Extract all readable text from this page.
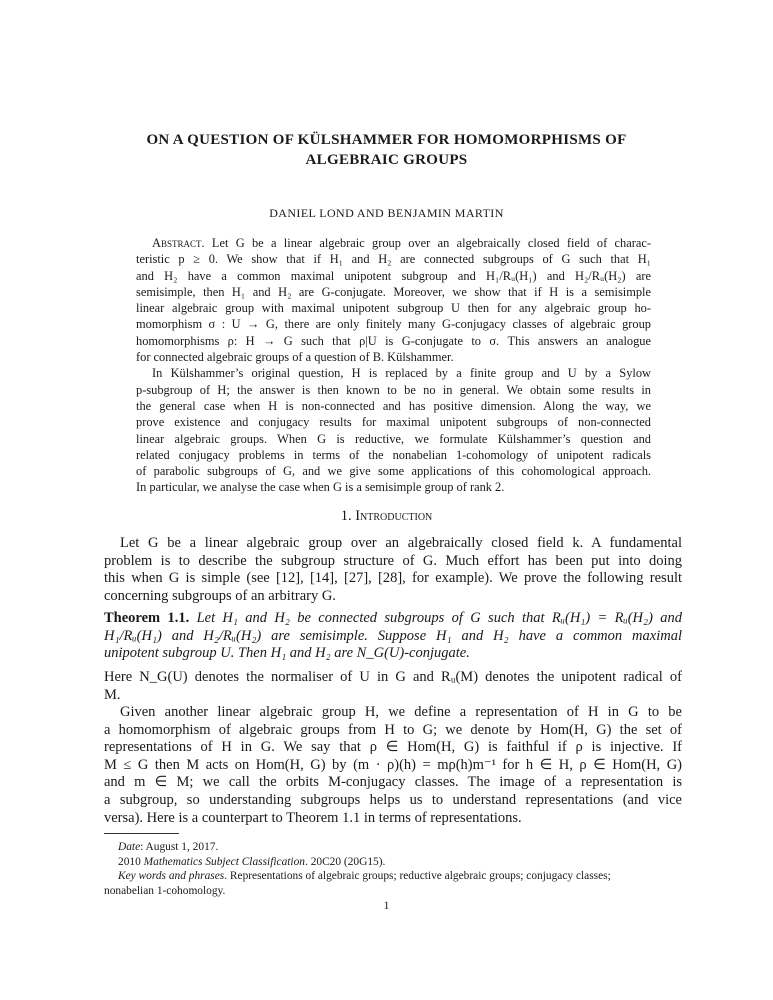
ON A QUESTION OF KÜLSHAMMER FOR HOMOMORPHISMS OF
ALGEBRAIC GROUPS
DANIEL LOND AND BENJAMIN MARTIN
Abstract. Let G be a linear algebraic group over an algebraically closed field of charac-
teristic p ≥ 0. We show that if H₁ and H₂ are connected subgroups of G such that H₁
and H₂ have a common maximal unipotent subgroup and H₁/Rᵤ(H₁) and H₂/Rᵤ(H₂) are
semisimple, then H₁ and H₂ are G-conjugate. Moreover, we show that if H is a semisimple
linear algebraic group with maximal unipotent subgroup U then for any algebraic group ho-
momorphism σ : U → G, there are only finitely many G-conjugacy classes of algebraic group
homomorphisms ρ: H → G such that ρ|U is G-conjugate to σ. This answers an analogue
for connected algebraic groups of a question of B. Külshammer.
In Külshammer’s original question, H is replaced by a finite group and U by a Sylow
p-subgroup of H; the answer is then known to be no in general. We obtain some results in
the general case when H is non-connected and has positive dimension. Along the way, we
prove existence and conjugacy results for maximal unipotent subgroups of non-connected
linear algebraic groups. When G is reductive, we formulate Külshammer’s question and
related conjugacy problems in terms of the nonabelian 1-cohomology of unipotent radicals
of parabolic subgroups of G, and we give some applications of this cohomological approach.
In particular, we analyse the case when G is a semisimple group of rank 2.
1. Introduction
Let G be a linear algebraic group over an algebraically closed field k. A fundamental
problem is to describe the subgroup structure of G. Much effort has been put into doing
this when G is simple (see [12], [14], [27], [28], for example). We prove the following result
concerning subgroups of an arbitrary G.
Theorem 1.1. Let H₁ and H₂ be connected subgroups of G such that Rᵤ(H₁) = Rᵤ(H₂) and
H₁/Rᵤ(H₁) and H₂/Rᵤ(H₂) are semisimple. Suppose H₁ and H₂ have a common maximal
unipotent subgroup U. Then H₁ and H₂ are N_G(U)-conjugate.
Here N_G(U) denotes the normaliser of U in G and Rᵤ(M) denotes the unipotent radical of
M.
Given another linear algebraic group H, we define a representation of H in G to be
a homomorphism of algebraic groups from H to G; we denote by Hom(H, G) the set of
representations of H in G. We say that ρ ∈ Hom(H, G) is faithful if ρ is injective. If
M ≤ G then M acts on Hom(H, G) by (m · ρ)(h) = mρ(h)m⁻¹ for h ∈ H, ρ ∈ Hom(H, G)
and m ∈ M; we call the orbits M-conjugacy classes. The image of a representation is
a subgroup, so understanding subgroups helps us to understand representations (and vice
versa). Here is a counterpart to Theorem 1.1 in terms of representations.
Date: August 1, 2017.
2010 Mathematics Subject Classification. 20C20 (20G15).
Key words and phrases. Representations of algebraic groups; reductive algebraic groups; conjugacy classes;
nonabelian 1-cohomology.
1
